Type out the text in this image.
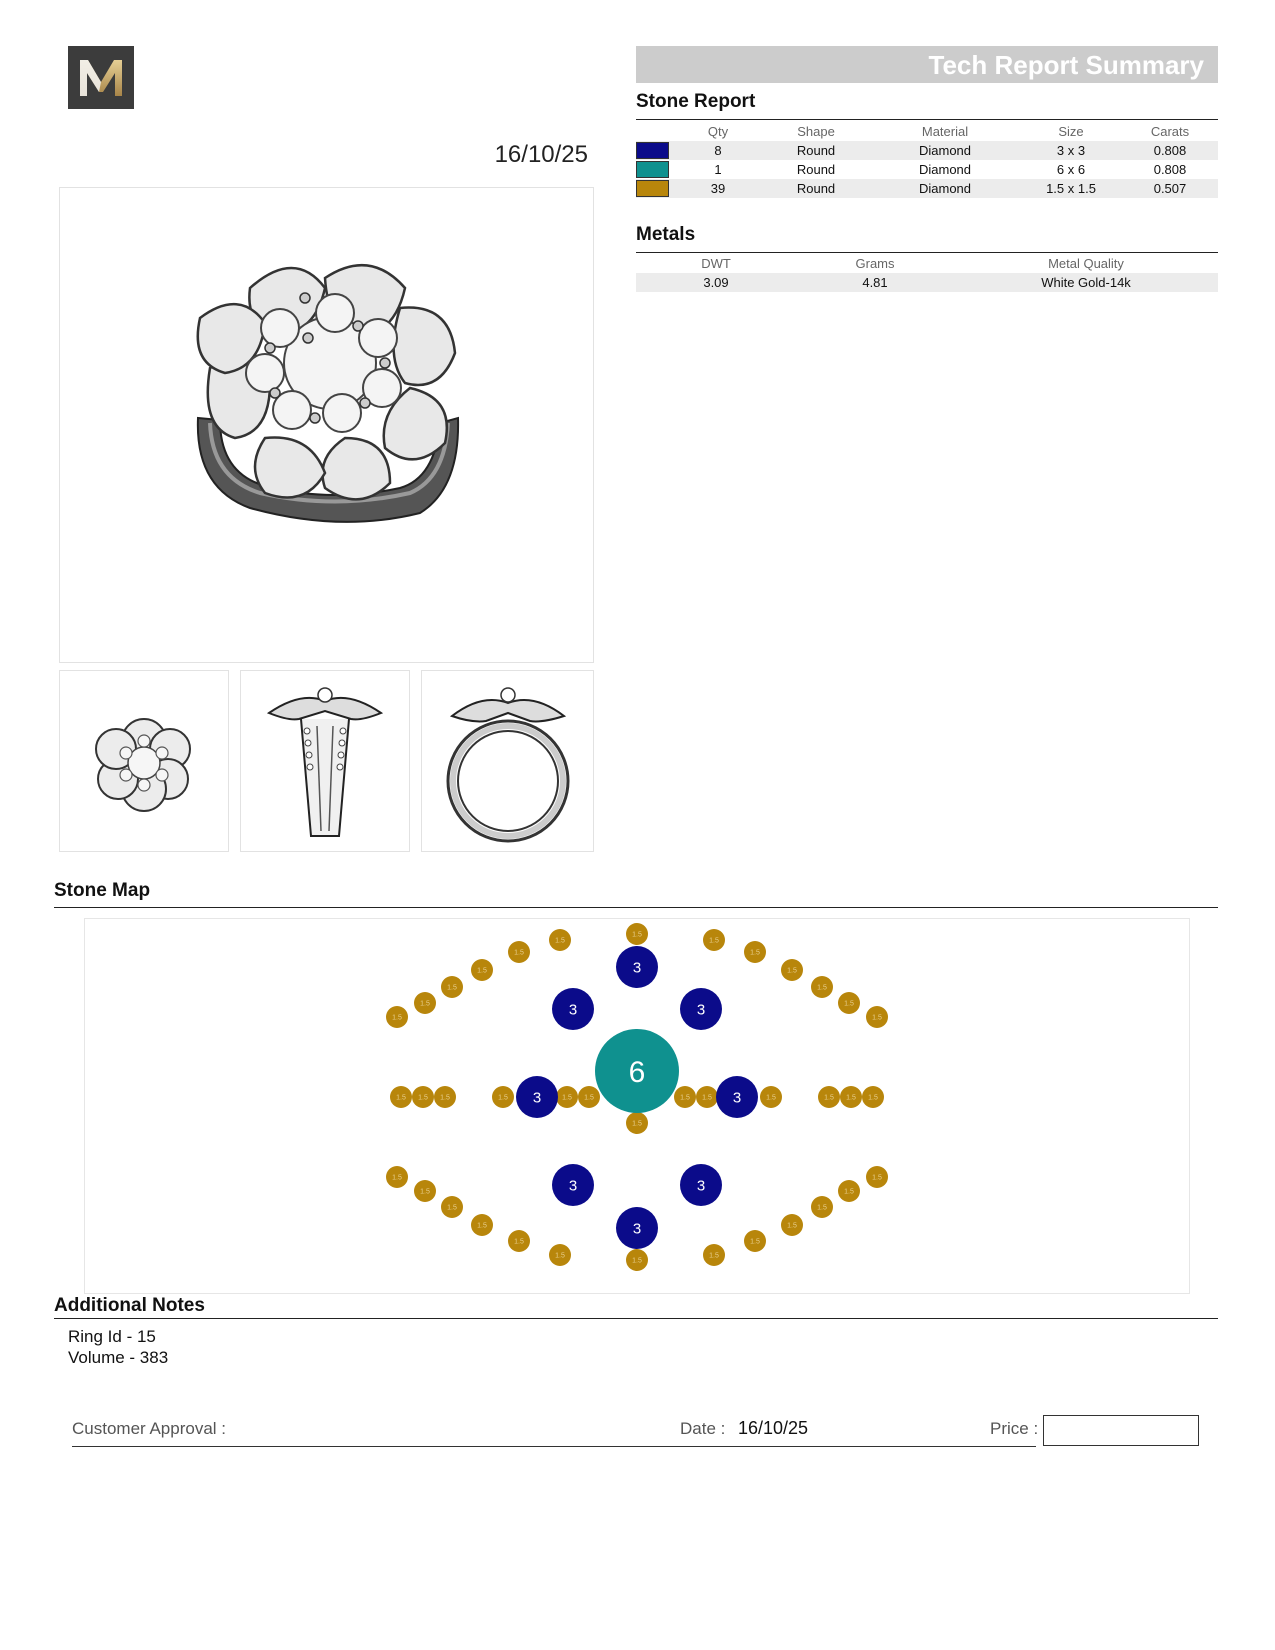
16/10/25
Tech Report Summary
Stone Report
	Qty	Shape	Material	Size	Carats
	8	Round	Diamond	3 x 3	0.808
	1	Round	Diamond	6 x 6	0.808
	39	Round	Diamond	1.5 x 1.5	0.507
Metals
DWT	Grams	Metal Quality
3.09	4.81	White Gold-14k
Stone Map
1.5
1.5
1.5
1.5
1.5
1.5
1.5
1.5
1.5
1.5
1.5
1.5
1.5
1.5 1.5 1.5	1.5	1.5 1.5	1.5 1.5	1.5	1.5 1.5 1.5
1.5
1.5
1.5
1.5
1.5
1.5
1.5
1.5
1.5
1.5
1.5
1.5
1.5
1.5
3
3	3
3	3
3	3
3
6
Additional Notes
Ring Id - 15
Volume - 383
Customer Approval :	Date : 16/10/25	Price :
